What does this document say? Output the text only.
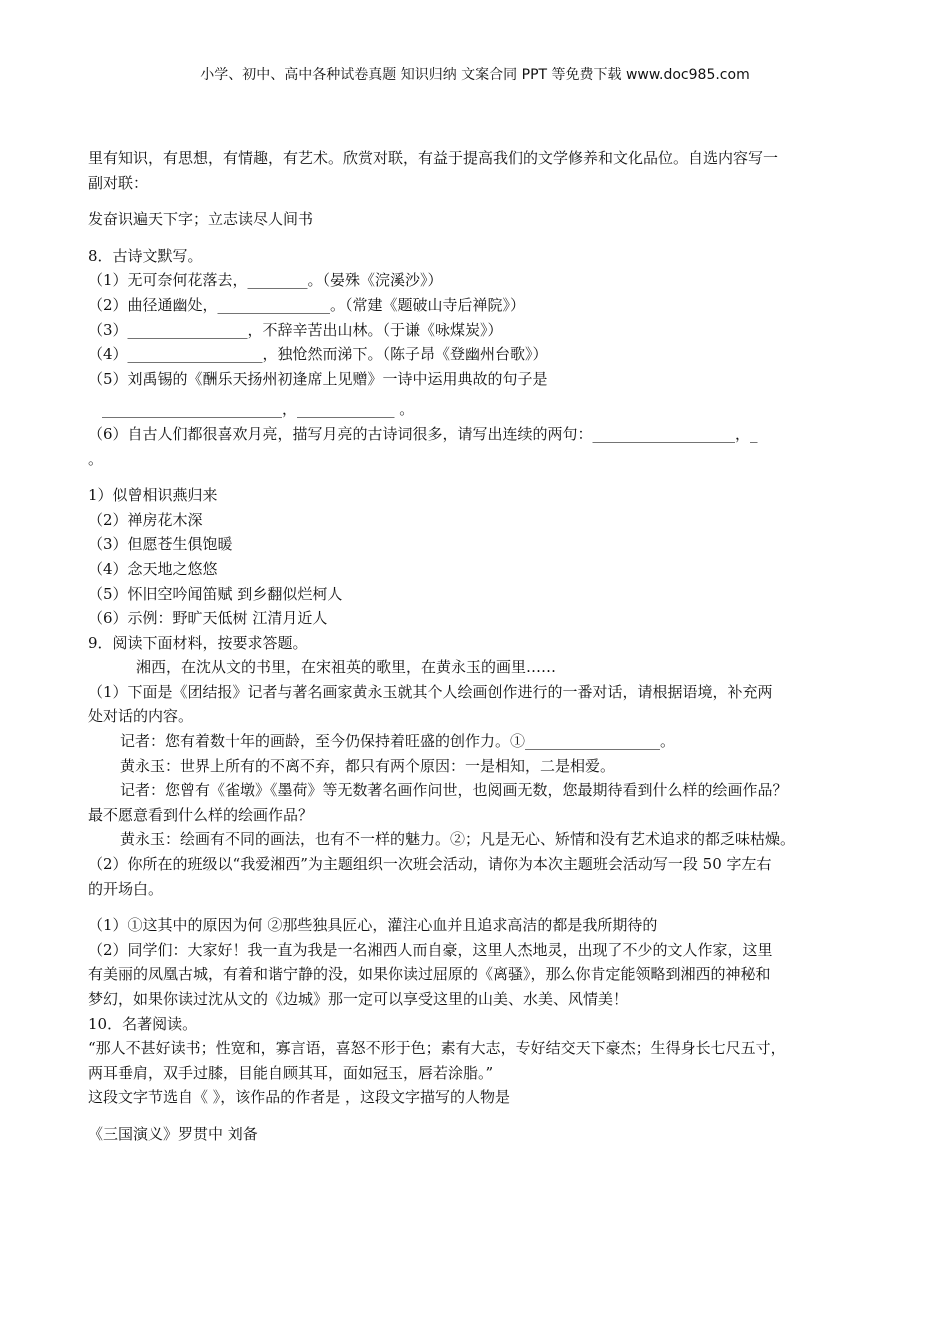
小学、初中、高中各种试卷真题 知识归纳 文案合同 PPT 等免费下载 www.doc985.com
里有知识，有思想，有情趣，有艺术。欣赏对联，有益于提高我们的文学修养和文化品位。自选内容写一
副对联：
发奋识遍天下字；立志读尽人间书
8．古诗文默写。
（1）无可奈何花落去，________。（晏殊《浣溪沙》）
（2）曲径通幽处，_______________。（常建《题破山寺后禅院》）
（3）________________，不辞辛苦出山林。（于谦《咏煤炭》）
（4）__________________，独怆然而涕下。（陈子昂《登幽州台歌》）
（5）刘禹锡的《酬乐天扬州初逢席上见赠》一诗中运用典故的句子是
________________________，_____________ 。
（6）自古人们都很喜欢月亮，描写月亮的古诗词很多，请写出连续的两句：___________________，_
。
1）似曾相识燕归来
（2）禅房花木深
（3）但愿苍生俱饱暖
（4）念天地之悠悠
（5）怀旧空吟闻笛赋 到乡翻似烂柯人
（6）示例：野旷天低树 江清月近人
9．阅读下面材料，按要求答题。
湘西，在沈从文的书里，在宋祖英的歌里，在黄永玉的画里……
（1）下面是《团结报》记者与著名画家黄永玉就其个人绘画创作进行的一番对话，请根据语境，补充两
处对话的内容。
记者：您有着数十年的画龄，至今仍保持着旺盛的创作力。①__________________。
黄永玉：世界上所有的不离不弃，都只有两个原因：一是相知，二是相爱。
记者：您曾有《雀墩》《墨荷》等无数著名画作问世，也阅画无数，您最期待看到什么样的绘画作品？
最不愿意看到什么样的绘画作品？
黄永玉：绘画有不同的画法，也有不一样的魅力。②；凡是无心、矫情和没有艺术追求的都乏味枯燥。
（2）你所在的班级以“我爱湘西”为主题组织一次班会活动，请你为本次主题班会活动写一段 50 字左右
的开场白。
（1）①这其中的原因为何 ②那些独具匠心，灌注心血并且追求高洁的都是我所期待的
（2）同学们：大家好！我一直为我是一名湘西人而自豪，这里人杰地灵，出现了不少的文人作家，这里
有美丽的凤凰古城，有着和谐宁静的没，如果你读过屈原的《离骚》，那么你肯定能领略到湘西的神秘和
梦幻，如果你读过沈从文的《边城》那一定可以享受这里的山美、水美、风情美！
10．名著阅读。
“那人不甚好读书；性宽和，寡言语，喜怒不形于色；素有大志，专好结交天下豪杰；生得身长七尺五寸，
两耳垂肩，双手过膝，目能自顾其耳，面如冠玉，唇若涂脂。”
这段文字节选自《 》，该作品的作者是 ，这段文字描写的人物是
《三国演义》罗贯中 刘备
